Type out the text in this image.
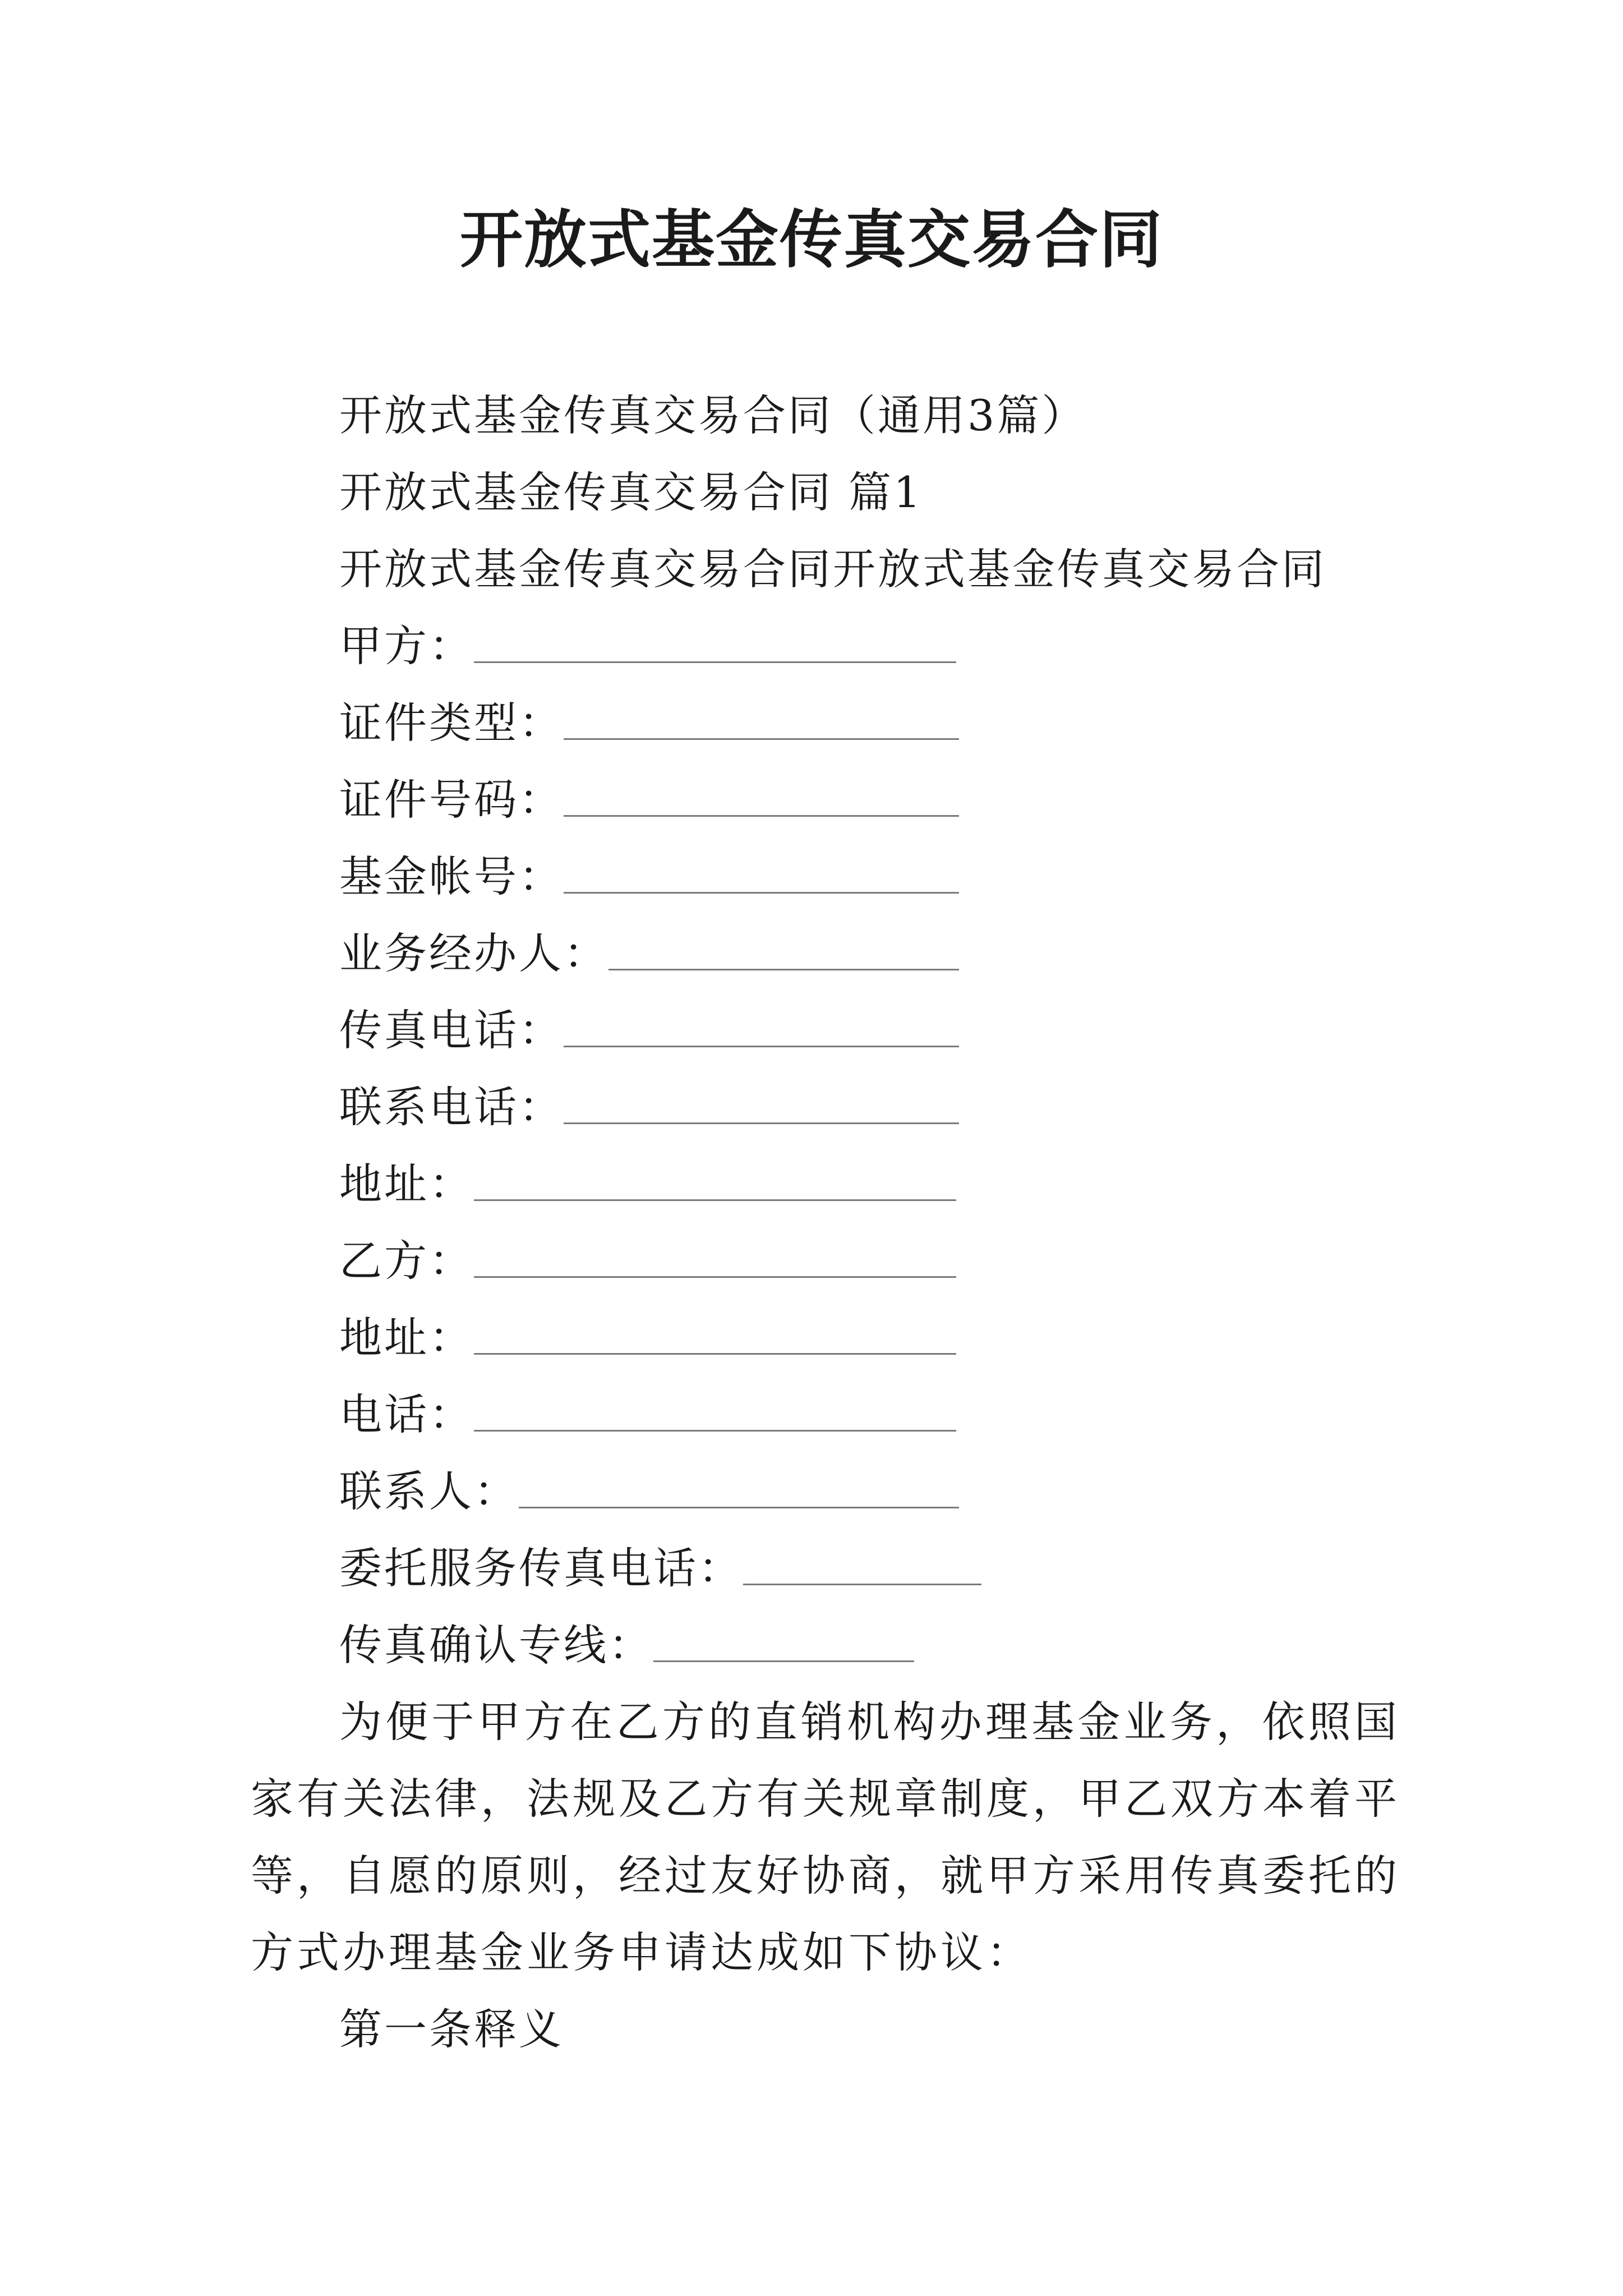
开放式基金传真交易合同
开放式基金传真交易合同（通用3篇）
开放式基金传真交易合同 篇1
开放式基金传真交易合同开放式基金传真交易合同
甲方：
证件类型：
证件号码：
基金帐号：
业务经办人：
传真电话：
联系电话：
地址：
乙方：
地址：
电话：
联系人：
委托服务传真电话：
传真确认专线：

为便于甲方在乙方的直销机构办理基金业务，依照国家有关法律，法规及乙方有关规章制度，甲乙双方本着平等，自愿的原则，经过友好协商，就甲方采用传真委托的方式办理基金业务申请达成如下协议：

第一条释义
